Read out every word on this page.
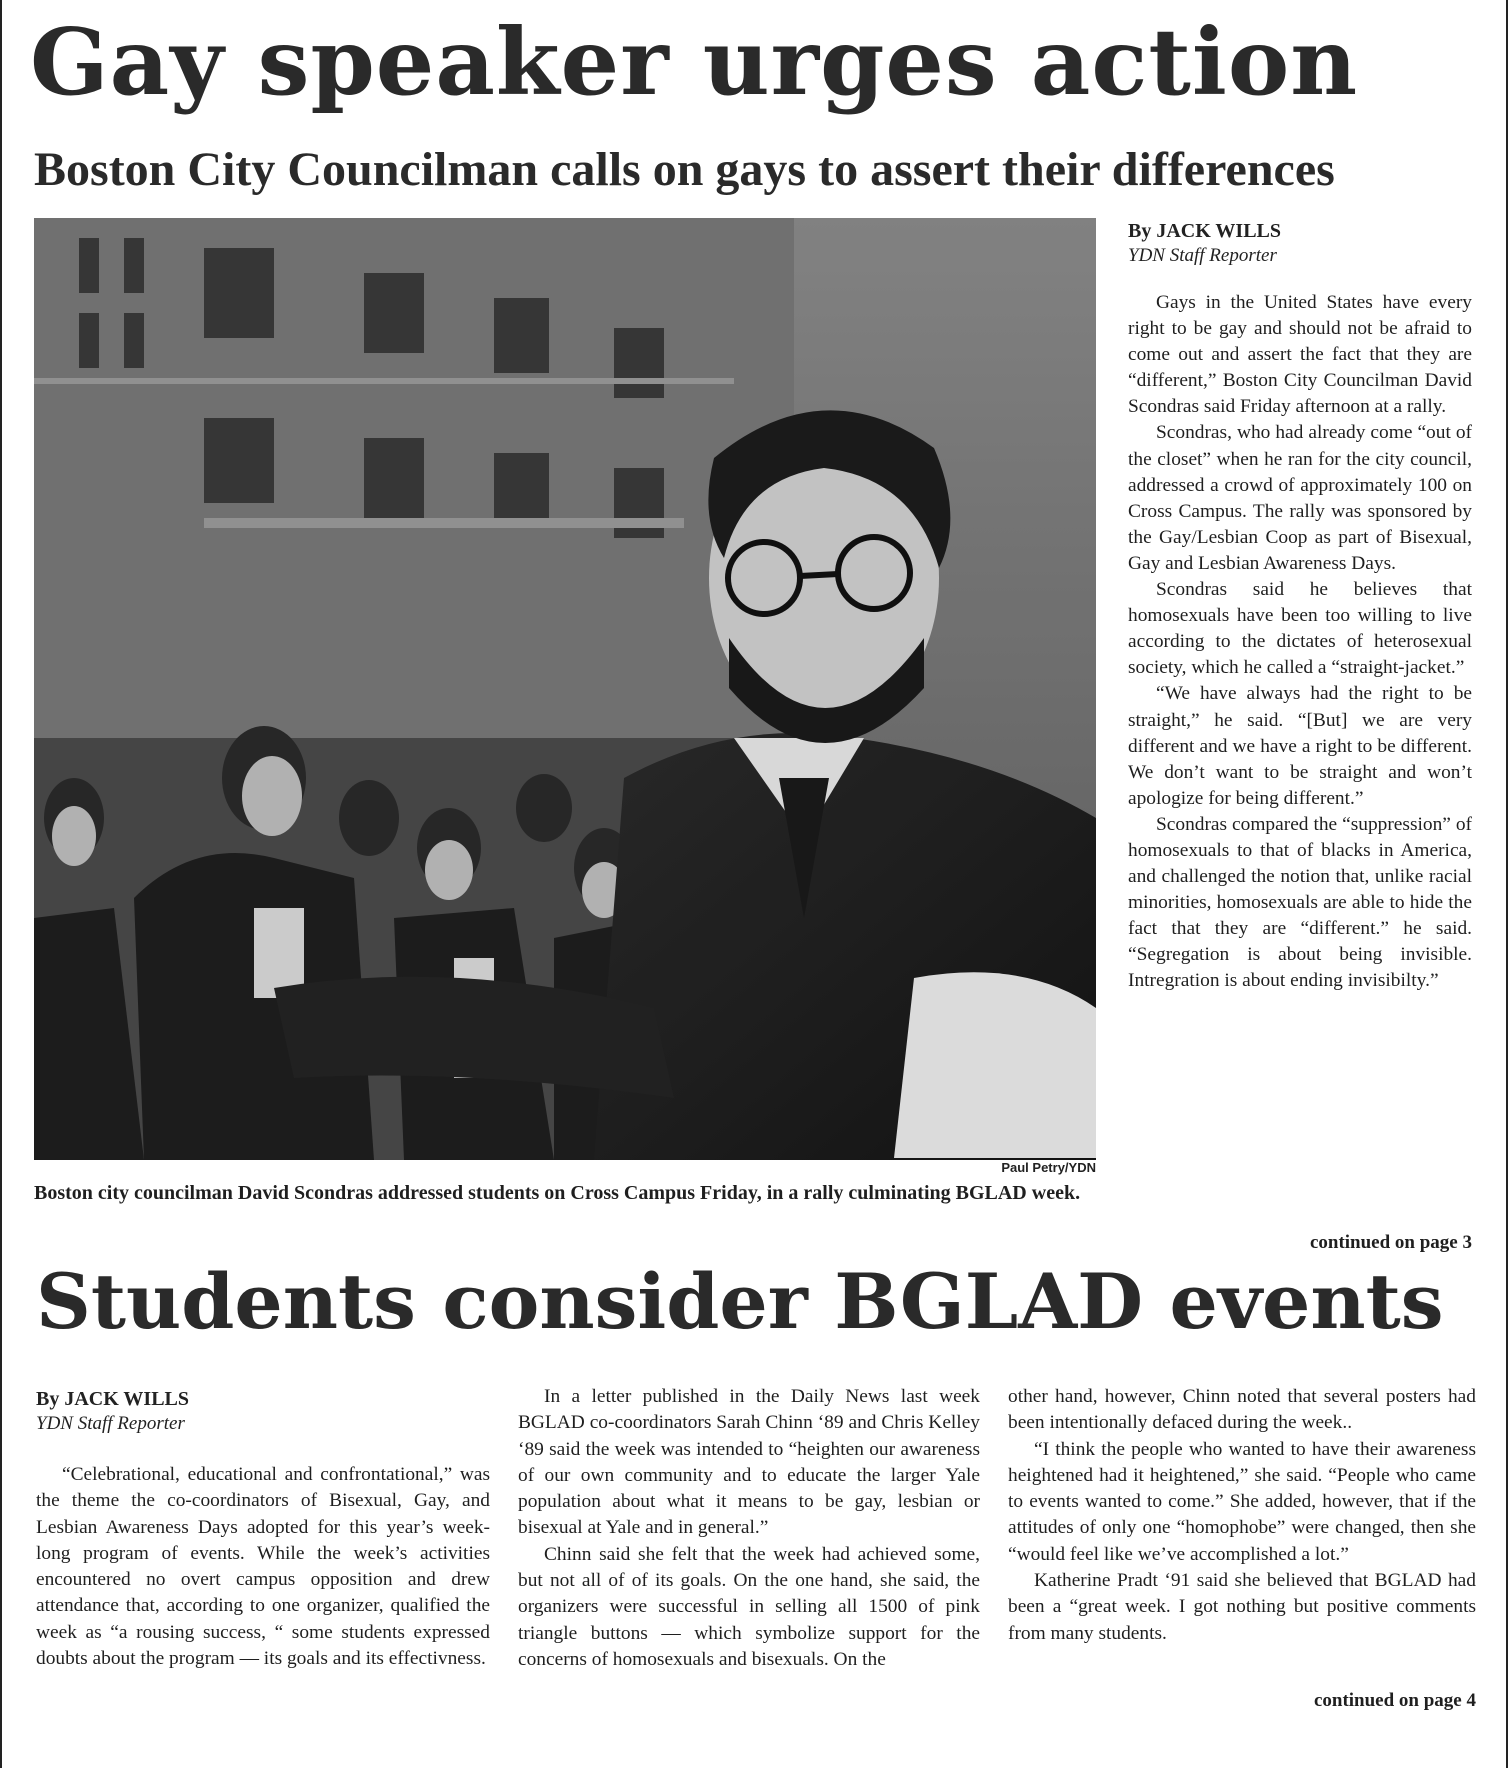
Gay speaker urges action
Boston City Councilman calls on gays to assert their differences
Paul Petry/YDN

Boston city councilman David Scondras addressed students on Cross Campus Friday, in a rally culminating BGLAD week.

By JACK WILLS
YDN Staff Reporter

Gays in the United States have every right to be gay and should not be afraid to come out and assert the fact that they are “different,” Boston City Councilman David Scondras said Friday afternoon at a rally.

Scondras, who had already come “out of the closet” when he ran for the city council, addressed a crowd of approximately 100 on Cross Campus. The rally was sponsored by the Gay/Lesbian Coop as part of Bisexual, Gay and Lesbian Awareness Days.

Scondras said he believes that homosexuals have been too willing to live according to the dictates of heterosexual society, which he called a “straight-jacket.”

“We have always had the right to be straight,” he said. “[But] we are very different and we have a right to be different. We don’t want to be straight and won’t apologize for being different.”

Scondras compared the “suppression” of homosexuals to that of blacks in America, and challenged the notion that, unlike racial minorities, homosexuals are able to hide the fact that they are “different.” he said. “Segregation is about being invisible. Intregration is about ending invisibilty.”

continued on page 3
Students consider BGLAD events
By JACK WILLS
YDN Staff Reporter

“Celebrational, educational and confrontational,” was the theme the co-coordinators of Bisexual, Gay, and Lesbian Awareness Days adopted for this year’s week-long program of events. While the week’s activities encountered no overt campus opposition and drew attendance that, according to one organizer, qualified the week as “a rousing success, “ some students expressed doubts about the program — its goals and its effectivness.

In a letter published in the Daily News last week BGLAD co-coordinators Sarah Chinn ‘89 and Chris Kelley ‘89 said the week was intended to “heighten our awareness of our own community and to educate the larger Yale population about what it means to be gay, lesbian or bisexual at Yale and in general.”

Chinn said she felt that the week had achieved some, but not all of of its goals. On the one hand, she said, the organizers were successful in selling all 1500 of pink triangle buttons — which symbolize support for the concerns of homosexuals and bisexuals. On the

other hand, however, Chinn noted that several posters had been intentionally defaced during the week..

“I think the people who wanted to have their awareness heightened had it heightened,” she said. “People who came to events wanted to come.” She added, however, that if the attitudes of only one “homophobe” were changed, then she “would feel like we’ve accomplished a lot.”

Katherine Pradt ‘91 said she believed that BGLAD had been a “great week. I got nothing but positive comments from many students.

continued on page 4
